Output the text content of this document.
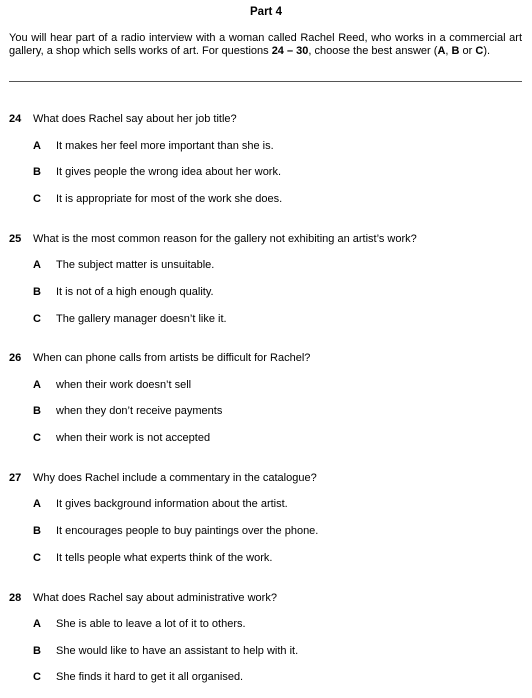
Part 4

You will hear part of a radio interview with a woman called Rachel Reed, who works in a commercial art gallery, a shop which sells works of art. For questions 24 – 30, choose the best answer (A, B or C).

24 What does Rachel say about her job title?
A It makes her feel more important than she is.
B It gives people the wrong idea about her work.
C It is appropriate for most of the work she does.
25 What is the most common reason for the gallery not exhibiting an artist’s work?
A The subject matter is unsuitable.
B It is not of a high enough quality.
C The gallery manager doesn’t like it.
26 When can phone calls from artists be difficult for Rachel?
A when their work doesn’t sell
B when they don’t receive payments
C when their work is not accepted
27 Why does Rachel include a commentary in the catalogue?
A It gives background information about the artist.
B It encourages people to buy paintings over the phone.
C It tells people what experts think of the work.
28 What does Rachel say about administrative work?
A She is able to leave a lot of it to others.
B She would like to have an assistant to help with it.
C She finds it hard to get it all organised.
